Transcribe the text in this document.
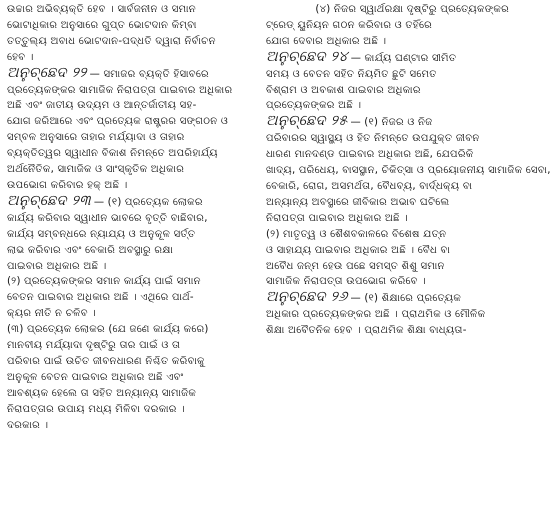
ଉଚ୍ଚାର ଅଭିବ୍ୟକ୍ତି ହେବ । ସାର୍ବଜନୀନ ଓ ସମାନ
ଭୋଟାଧିକାର ଅନୁସାରେ ଗୁପ୍ତ ଭୋଟଦାନ କିମ୍ବା
ତତ୍ତୁଲ୍ୟ ଅବାଧ ଭୋଟଦାନ-ପଦ୍ଧତି ଦ୍ୱାରା ନିର୍ବାଚନ
ହେବ ।
ଅନୁଚ୍ଛେଦ ୨୨ — ସମାଜର ବ୍ୟକ୍ତି ହିସାବରେ
ପ୍ରତ୍ୟେକଙ୍କର ସାମାଜିକ ନିରାପତ୍ତା ପାଇବାର ଅଧିକାର
ଅଛି ଏବଂ ଜାତୀୟ ଉଦ୍ୟମ ଓ ଆନ୍ତର୍ଜାତୀୟ ସହ-
ଯୋଗ ଜରିଆରେ ଏବଂ ପ୍ରତ୍ୟେକ ରାଷ୍ଟ୍ରର ସଙ୍ଗଠନ ଓ
ସମ୍ବଳ ଅନୁସାରେ ତାହାର ମର୍ଯ୍ୟାଦା ଓ ତାହାର
ବ୍ୟକ୍ତିତ୍ୱର ସ୍ୱାଧୀନ ବିକାଶ ନିମନ୍ତେ ଅପରିହାର୍ଯ୍ୟ
ଅର୍ଥନୈତିକ, ସାମାଜିକ ଓ ସାଂସ୍କୃତିକ ଅଧିକାର
ଉପଭୋଗ କରିବାର ହକ୍‌ ଅଛି ।
ଅନୁଚ୍ଛେଦ ୨୩ — (୧) ପ୍ରତ୍ୟେକ ଲୋକର
କାର୍ଯ୍ୟ କରିବାର ସ୍ୱାଧୀନ ଭାବରେ ବୃତ୍ତି ବାଛିବାର,
କାର୍ଯ୍ୟ ସମ୍ବନ୍ଧରେ ନ୍ୟାଯ୍ୟ ଓ ଅନୁକୂଳ ସର୍ତ୍ତ
ଲାଭ କରିବାର ଏବଂ ବେକାରି ଅବସ୍ଥାରୁ ରକ୍ଷା
ପାଇବାର ଅଧିକାର ଅଛି ।
(୨) ପ୍ରତ୍ୟେକଙ୍କର ସମାନ କାର୍ଯ୍ୟ ପାଇଁ ସମାନ
ବେତନ ପାଇବାର ଅଧିକାର ଅଛି । ଏଥିରେ ପାର୍ଥ-
କ୍ୟର ନୀତି ନ ଚଳିବ ।
(୩) ପ୍ରତ୍ୟେକ ଲୋକର (ଯେ ଜଣେ କାର୍ଯ୍ୟ କରେ)
ମାନବୀୟ ମର୍ଯ୍ୟାଦା ଦୃଷ୍ଟିରୁ ତାର ପାଇଁ ଓ ତା
ପରିବାର ପାଇଁ ଉଚିତ ଜୀବନଧାରଣ ନିଶ୍ଚିତ କରିବାକୁ
ଅନୁକୂଳ ବେତନ ପାଇବାର ଅଧିକାର ଅଛି ଏବଂ
ଆବଶ୍ୟକ ହେଲେ ତା ସହିତ ଅନ୍ୟାନ୍ୟ ସାମାଜିକ
ନିରାପତ୍ତାର ଉପାୟ ମଧ୍ୟ ମିଳିବା ଦରକାର ।
ଦରକାର ।
(୪) ନିଜର ସ୍ୱାର୍ଥରକ୍ଷା ଦୃଷ୍ଟିରୁ ପ୍ରତ୍ୟେକଙ୍କର
ଟ୍ରେଡ୍‌ ୟୁନିୟନ ଗଠନ କରିବାର ଓ ତହିଁରେ
ଯୋଗ ଦେବାର ଅଧିକାର ଅଛି ।
ଅନୁଚ୍ଛେଦ ୨୪ — କାର୍ଯ୍ୟ ଘଣ୍ଟାର ସୀମିତ
ସମୟ ଓ ବେତନ ସହିତ ନିୟମିତ ଛୁଟି ସମେତ
ବିଶ୍ରାମ ଓ ଅବକାଶ ପାଇବାର ଅଧିକାର
ପ୍ରତ୍ୟେକଙ୍କର ଅଛି ।
ଅନୁଚ୍ଛେଦ ୨୫ — (୧) ନିଜର ଓ ନିଜ
ପରିବାରର ସ୍ୱାସ୍ଥ୍ୟ ଓ ହିତ ନିମନ୍ତେ ଉପଯୁକ୍ତ ଜୀବନ
ଧାରଣ ମାନଦଣ୍ଡ ପାଇବାର ଅଧିକାର ଅଛି, ଯେପରିକି
ଖାଦ୍ୟ, ପରିଧେୟ, ବାସସ୍ଥାନ, ଚିକିତ୍ସା ଓ ପ୍ରୟୋଜନୀୟ ସାମାଜିକ ସେବା,
ବେକାରି, ରୋଗ, ଅସମର୍ଥତା, ବୈଧବ୍ୟ, ବାର୍ଦ୍ଧକ୍ୟ ବା
ଅନ୍ୟାନ୍ୟ ଅବସ୍ଥାରେ ଜୀବିକାର ଅଭାବ ଘଟିଲେ
ନିରାପତ୍ତା ପାଇବାର ଅଧିକାର ଅଛି ।
(୨) ମାତୃତ୍ୱ ଓ ଶୈଶବକାଳରେ ବିଶେଷ ଯତ୍ନ
ଓ ସାହାଯ୍ୟ ପାଇବାର ଅଧିକାର ଅଛି । ବୈଧ ବା
ଅବୈଧ ଜନ୍ମ ହେଉ ପଛେ ସମସ୍ତ ଶିଶୁ ସମାନ
ସାମାଜିକ ନିରାପତ୍ତା ଉପଭୋଗ କରିବେ ।
ଅନୁଚ୍ଛେଦ ୨୬ — (୧) ଶିକ୍ଷାରେ ପ୍ରତ୍ୟେକ
ଅଧିକାର ପ୍ରତ୍ୟେକଙ୍କର ଅଛି । ପ୍ରାଥମିକ ଓ ମୌଳିକ
ଶିକ୍ଷା ଅବୈତନିକ ହେବ । ପ୍ରାଥମିକ ଶିକ୍ଷା ବାଧ୍ୟତା-
